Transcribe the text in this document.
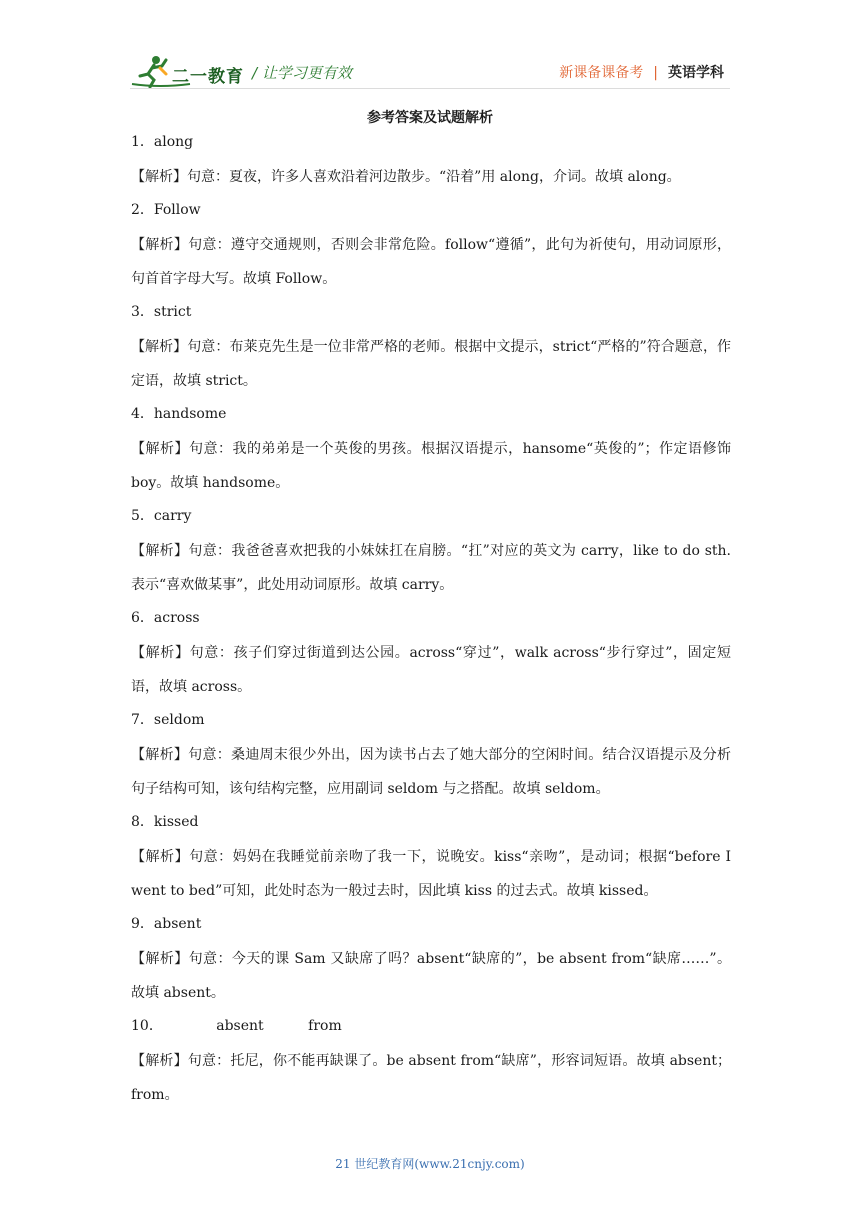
二一教育 / 让学习更有效	新课备课备考 | 英语学科
参考答案及试题解析
1．along
【解析】句意：夏夜，许多人喜欢沿着河边散步。“沿着”用 along，介词。故填 along。
2．Follow
【解析】句意：遵守交通规则，否则会非常危险。follow“遵循”，此句为祈使句，用动词原形，句首首字母大写。故填 Follow。
3．strict
【解析】句意：布莱克先生是一位非常严格的老师。根据中文提示，strict“严格的”符合题意，作定语，故填 strict。
4．handsome
【解析】句意：我的弟弟是一个英俊的男孩。根据汉语提示，hansome“英俊的”；作定语修饰 boy。故填 handsome。
5．carry
【解析】句意：我爸爸喜欢把我的小妹妹扛在肩膀。“扛”对应的英文为 carry，like to do sth. 表示“喜欢做某事”，此处用动词原形。故填 carry。
6．across
【解析】句意：孩子们穿过街道到达公园。across“穿过”，walk across“步行穿过”，固定短语，故填 across。
7．seldom
【解析】句意：桑迪周末很少外出，因为读书占去了她大部分的空闲时间。结合汉语提示及分析句子结构可知，该句结构完整，应用副词 seldom 与之搭配。故填 seldom。
8．kissed
【解析】句意：妈妈在我睡觉前亲吻了我一下，说晚安。kiss“亲吻”，是动词；根据“before I went to bed”可知，此处时态为一般过去时，因此填 kiss 的过去式。故填 kissed。
9．absent
【解析】句意：今天的课 Sam 又缺席了吗？absent“缺席的”，be absent from“缺席……”。故填 absent。
10．            absent          from
【解析】句意：托尼，你不能再缺课了。be absent from“缺席”，形容词短语。故填 absent；from。
21 世纪教育网(www.21cnjy.com)
